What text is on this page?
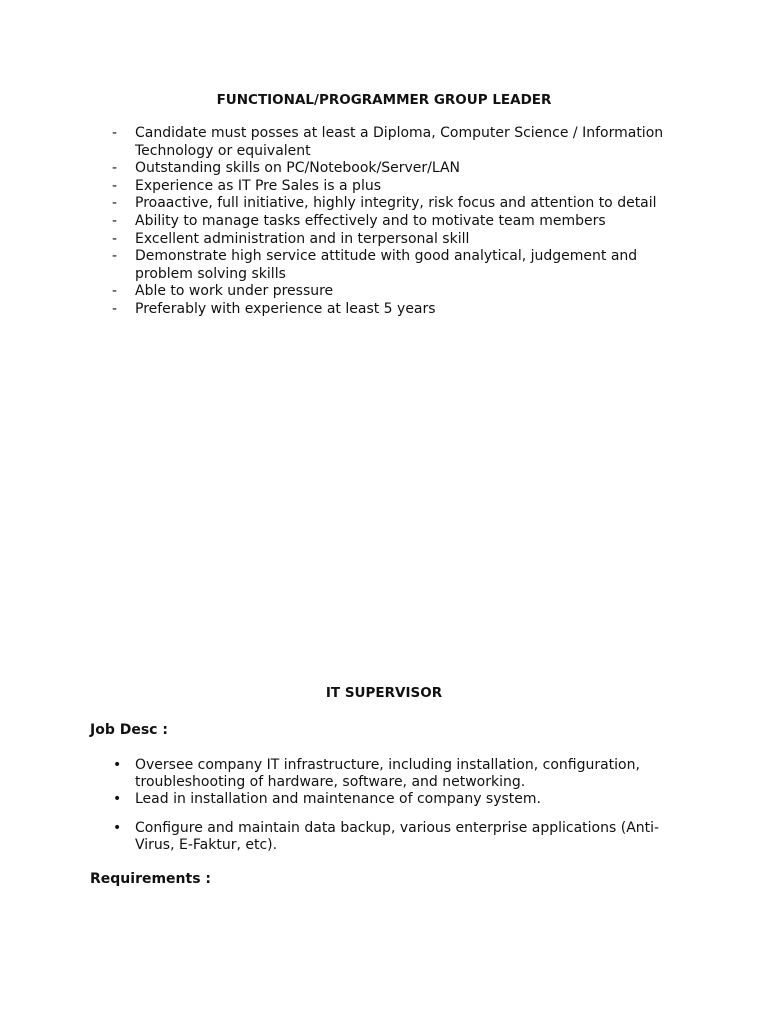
FUNCTIONAL/PROGRAMMER GROUP LEADER
- Candidate must posses at least a Diploma, Computer Science / Information Technology or equivalent
- Outstanding skills on PC/Notebook/Server/LAN
- Experience as IT Pre Sales is a plus
- Proaactive, full initiative, highly integrity, risk focus and attention to detail
- Ability to manage tasks effectively and to motivate team members
- Excellent administration and in terpersonal skill
- Demonstrate high service attitude with good analytical, judgement and problem solving skills
- Able to work under pressure
- Preferably with experience at least 5 years
IT SUPERVISOR

Job Desc :

• Oversee company IT infrastructure, including installation, configuration, troubleshooting of hardware, software, and networking.
• Lead in installation and maintenance of company system.
• Configure and maintain data backup, various enterprise applications (Anti-Virus, E-Faktur, etc).

Requirements :
